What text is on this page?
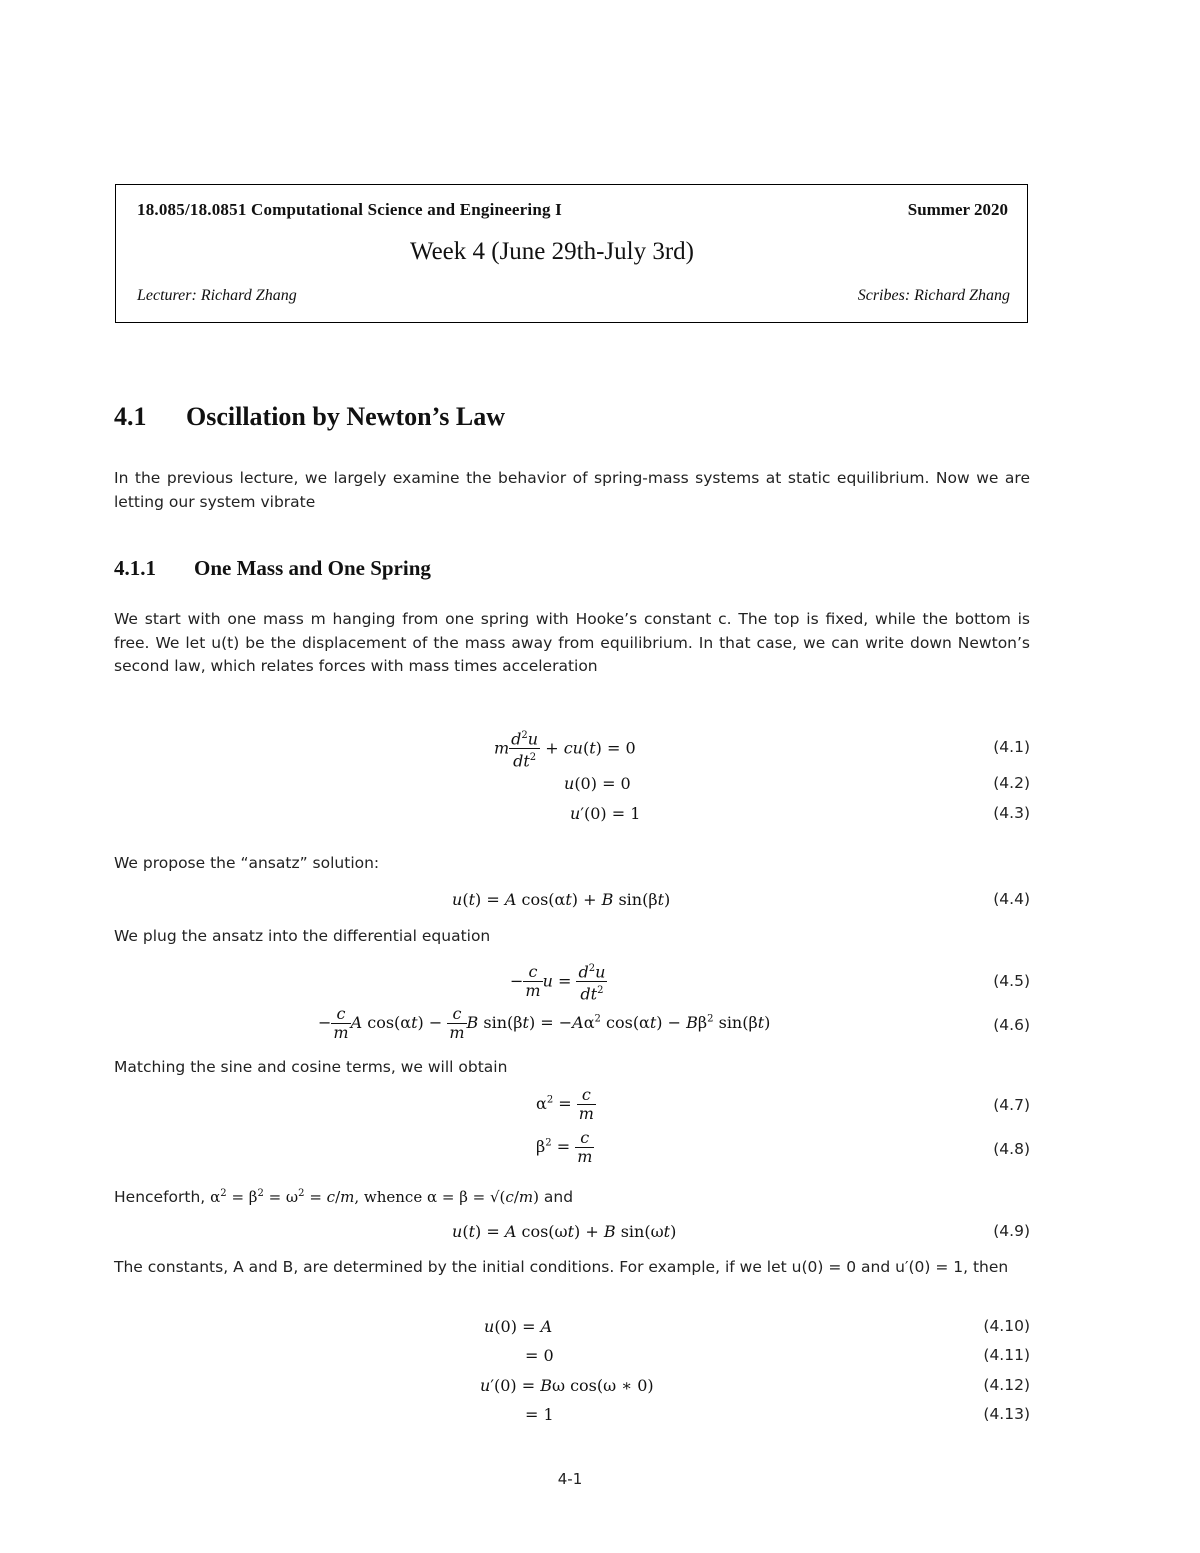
18.085/18.0851 Computational Science and Engineering I	Summer 2020
Week 4 (June 29th-July 3rd)
Lecturer: Richard Zhang	Scribes: Richard Zhang
4.1 Oscillation by Newton’s Law
In the previous lecture, we largely examine the behavior of spring-mass systems at static equilibrium. Now we are letting our system vibrate
4.1.1 One Mass and One Spring
We start with one mass m hanging from one spring with Hooke’s constant c. The top is fixed, while the bottom is free. We let u(t) be the displacement of the mass away from equilibrium. In that case, we can write down Newton’s second law, which relates forces with mass times acceleration
m $\frac{d^2u}{dt^2} + cu(t) = 0$	(4.1)
u(0) = 0	(4.2)
u′(0) = 1	(4.3)
We propose the “ansatz” solution:
u(t) = A cos(αt) + B sin(βt)	(4.4)
We plug the ansatz into the differential equation
− $\frac{c}{m}$ $u = \frac{d^2u}{dt^2}$	(4.5)
− $\frac{c}{m}$ A $\cos(\alpha t) - \frac{c}{m}$ B $\sin(\beta t) = -A\alpha^2$ $\cos(\alpha t) - B\beta^2$ sin(βt)	(4.6)
Matching the sine and cosine terms, we will obtain
$\alpha^2 = \frac{c}{m}$	(4.7)
$\beta^2 = \frac{c}{m}$	(4.8)
Henceforth, $\alpha^2 = \beta^2 = \omega^2 = c/m$, whence α = β = √(c/m) and
u(t) = A cos(ωt) + B sin(ωt)	(4.9)
The constants, A and B, are determined by the initial conditions. For example, if we let u(0) = 0 and u′(0) = 1, then
u(0) = A	(4.10)
= 0	(4.11)
u′(0) = Bω cos(ω ∗ 0)	(4.12)
= 1	(4.13)
4-1
